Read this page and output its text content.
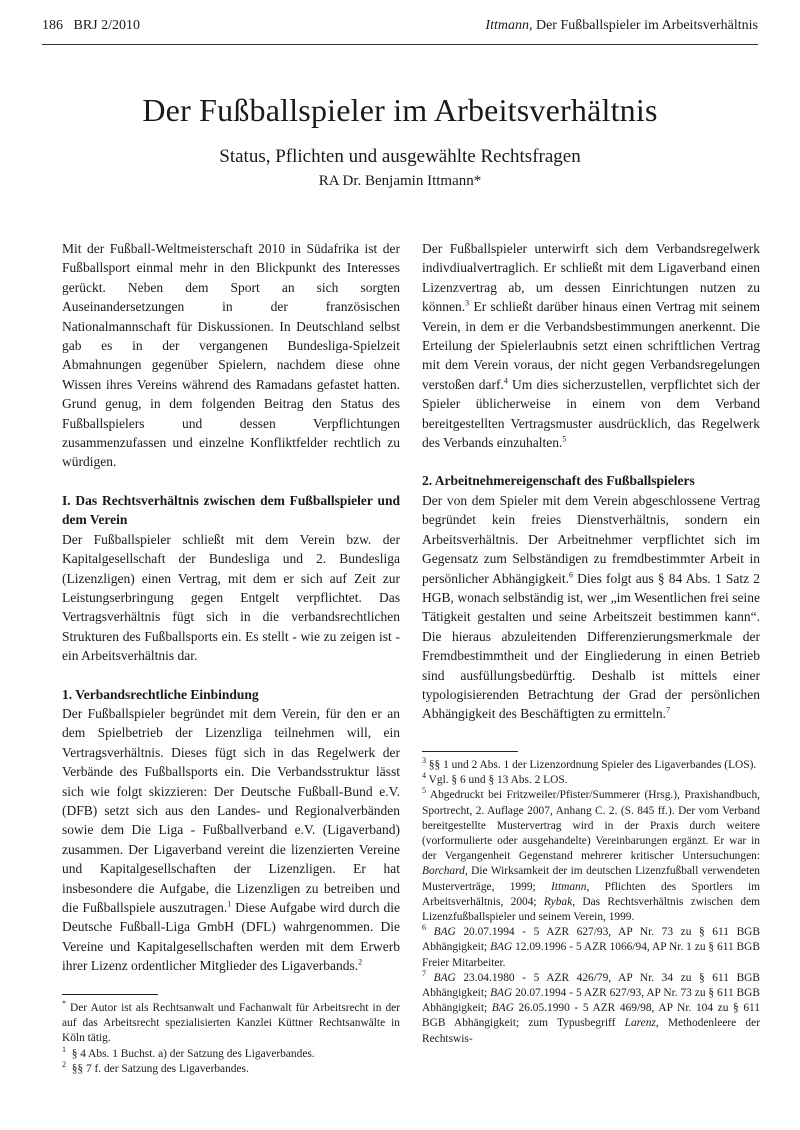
186 BRJ 2/2010	Ittmann, Der Fußballspieler im Arbeitsverhältnis
Der Fußballspieler im Arbeitsverhältnis
Status, Pflichten und ausgewählte Rechtsfragen
RA Dr. Benjamin Ittmann*

Mit der Fußball-Weltmeisterschaft 2010 in Südafrika ist der Fußballsport einmal mehr in den Blickpunkt des Interesses gerückt. Neben dem Sport an sich sorgten Auseinandersetzungen in der französischen Nationalmannschaft für Diskussionen. In Deutschland selbst gab es in der vergangenen Bundesliga-Spielzeit Abmahnungen gegenüber Spielern, nachdem diese ohne Wissen ihres Vereins während des Ramadans gefastet hatten. Grund genug, in dem folgenden Beitrag den Status des Fußballspielers und dessen Verpflichtungen zusammenzufassen und einzelne Konfliktfelder rechtlich zu würdigen.

I. Das Rechtsverhältnis zwischen dem Fußballspieler und dem Verein

Der Fußballspieler schließt mit dem Verein bzw. der Kapitalgesellschaft der Bundesliga und 2. Bundesliga (Lizenzligen) einen Vertrag, mit dem er sich auf Zeit zur Leistungserbringung gegen Entgelt verpflichtet. Das Vertragsverhältnis fügt sich in die verbandsrechtlichen Strukturen des Fußballsports ein. Es stellt - wie zu zeigen ist - ein Arbeitsverhältnis dar.

1. Verbandsrechtliche Einbindung

Der Fußballspieler begründet mit dem Verein, für den er an dem Spielbetrieb der Lizenzliga teilnehmen will, ein Vertragsverhältnis. Dieses fügt sich in das Regelwerk der Verbände des Fußballsports ein. Die Verbandsstruktur lässt sich wie folgt skizzieren: Der Deutsche Fußball-Bund e.V. (DFB) setzt sich aus den Landes- und Regionalverbänden sowie dem Die Liga - Fußballverband e.V. (Ligaverband) zusammen. Der Ligaverband vereint die lizenzierten Vereine und Kapitalgesellschaften der Lizenzligen. Er hat insbesondere die Aufgabe, die Lizenzligen zu betreiben und die Fußballspiele auszutragen.$^1$ Diese Aufgabe wird durch die Deutsche Fußball-Liga GmbH (DFL) wahrgenommen. Die Vereine und Kapitalgesellschaften werden mit dem Erwerb ihrer Lizenz ordentlicher Mitglieder des Ligaverbands.$^2$

* Der Autor ist als Rechtsanwalt und Fachanwalt für Arbeitsrecht in der auf das Arbeitsrecht spezialisierten Kanzlei Küttner Rechtsanwälte in Köln tätig.

$^1$ § 4 Abs. 1 Buchst. a) der Satzung des Ligaverbandes.

$^2$ §§ 7 f. der Satzung des Ligaverbandes.

Der Fußballspieler unterwirft sich dem Verbandsregelwerk indivdiualvertraglich. Er schließt mit dem Ligaverband einen Lizenzvertrag ab, um dessen Einrichtungen nutzen zu können.$^3$ Er schließt darüber hinaus einen Vertrag mit seinem Verein, in dem er die Verbandsbestimmungen anerkennt. Die Erteilung der Spielerlaubnis setzt einen schriftlichen Vertrag mit dem Verein voraus, der nicht gegen Verbandsregelungen verstoßen darf.$^4$ Um dies sicherzustellen, verpflichtet sich der Spieler üblicherweise in einem von dem Verband bereitgestellten Vertragsmuster ausdrücklich, das Regelwerk des Verbands einzuhalten.$^5$

2. Arbeitnehmereigenschaft des Fußballspielers

Der von dem Spieler mit dem Verein abgeschlossene Vertrag begründet kein freies Dienstverhältnis, sondern ein Arbeitsverhältnis. Der Arbeitnehmer verpflichtet sich im Gegensatz zum Selbständigen zu fremdbestimmter Arbeit in persönlicher Abhängigkeit.$^6$ Dies folgt aus § 84 Abs. 1 Satz 2 HGB, wonach selbständig ist, wer „im Wesentlichen frei seine Tätigkeit gestalten und seine Arbeitszeit bestimmen kann“. Die hieraus abzuleitenden Differenzierungsmerkmale der Fremdbestimmtheit und der Eingliederung in einen Betrieb sind ausfüllungsbedürftig. Deshalb ist mittels einer typologisierenden Betrachtung der Grad der persönlichen Abhängigkeit des Beschäftigten zu ermitteln.$^7$

$^3$ §§ 1 und 2 Abs. 1 der Lizenzordnung Spieler des Ligaverbandes (LOS).

$^4$ Vgl. § 6 und § 13 Abs. 2 LOS.

$^5$ Abgedruckt bei Fritzweiler/Pfister/Summerer (Hrsg.), Praxishandbuch, Sportrecht, 2. Auflage 2007, Anhang C. 2. (S. 845 ff.). Der vom Verband bereitgestellte Mustervertrag wird in der Praxis durch weitere (vorformulierte oder ausgehandelte) Vereinbarungen ergänzt. Er war in der Vergangenheit Gegenstand mehrerer kritischer Untersuchungen: Borchard, Die Wirksamkeit der im deutschen Lizenzfußball verwendeten Musterverträge, 1999; Ittmann, Pflichten des Sportlers im Arbeitsverhältnis, 2004; Rybak, Das Rechtsverhältnis zwischen dem Lizenzfußballspieler und seinem Verein, 1999.

$^6$ BAG 20.07.1994 - 5 AZR 627/93, AP Nr. 73 zu § 611 BGB Abhängigkeit; BAG 12.09.1996 - 5 AZR 1066/94, AP Nr. 1 zu § 611 BGB Freier Mitarbeiter.

$^7$ BAG 23.04.1980 - 5 AZR 426/79, AP Nr. 34 zu § 611 BGB Abhängigkeit; BAG 20.07.1994 - 5 AZR 627/93, AP Nr. 73 zu § 611 BGB Abhängigkeit; BAG 26.05.1990 - 5 AZR 469/98, AP Nr. 104 zu § 611 BGB Abhängigkeit; zum Typusbegriff Larenz, Methodenleere der Rechtswis-
